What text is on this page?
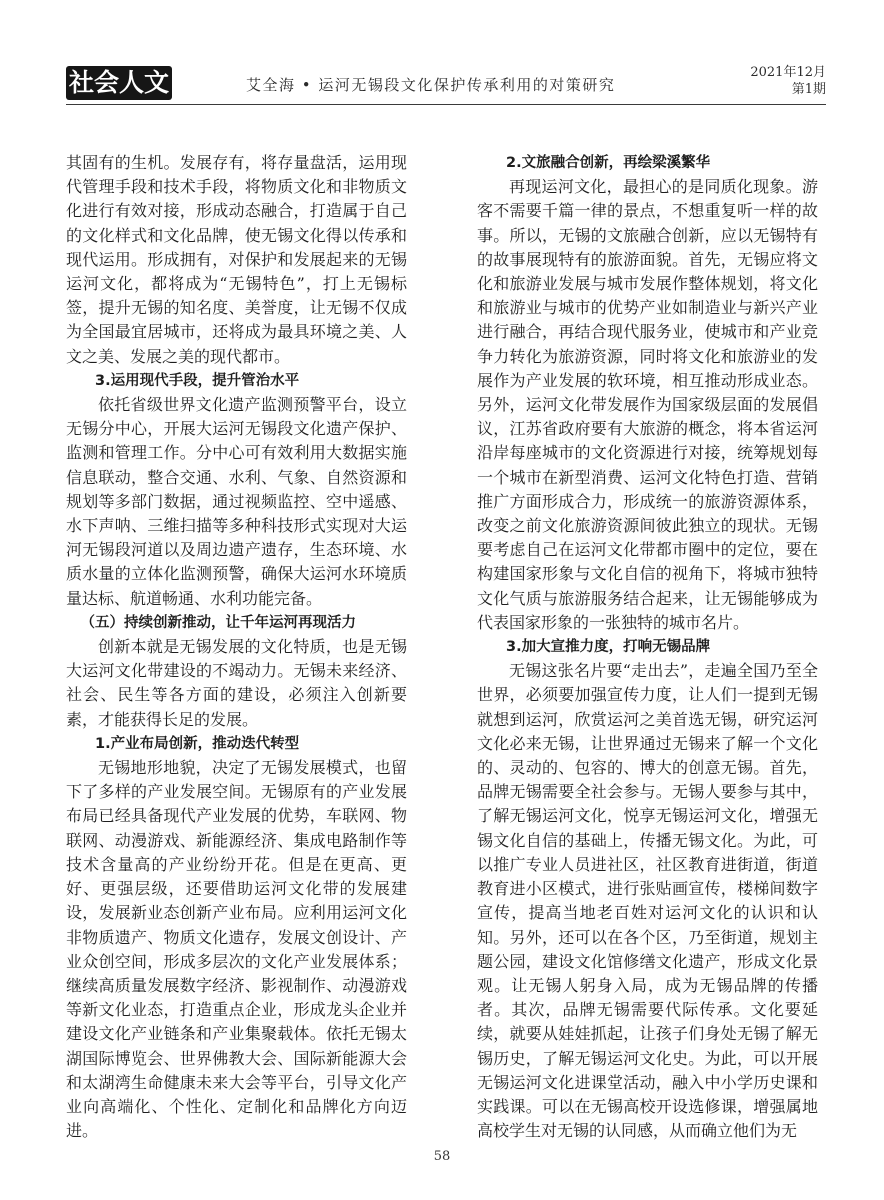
社会人文	艾全海 • 运河无锡段文化保护传承利用的对策研究
2021年12月
第1期

其固有的生机。发展存有，将存量盘活，运用现代管理手段和技术手段，将物质文化和非物质文化进行有效对接，形成动态融合，打造属于自己的文化样式和文化品牌，使无锡文化得以传承和现代运用。形成拥有，对保护和发展起来的无锡运河文化，都将成为“无锡特色”，打上无锡标签，提升无锡的知名度、美誉度，让无锡不仅成为全国最宜居城市，还将成为最具环境之美、人文之美、发展之美的现代都市。

3.运用现代手段，提升管治水平

依托省级世界文化遗产监测预警平台，设立无锡分中心，开展大运河无锡段文化遗产保护、监测和管理工作。分中心可有效利用大数据实施信息联动，整合交通、水利、气象、自然资源和规划等多部门数据，通过视频监控、空中遥感、水下声呐、三维扫描等多种科技形式实现对大运河无锡段河道以及周边遗产遗存，生态环境、水质水量的立体化监测预警，确保大运河水环境质量达标、航道畅通、水利功能完备。

（五）持续创新推动，让千年运河再现活力

创新本就是无锡发展的文化特质，也是无锡大运河文化带建设的不竭动力。无锡未来经济、社会、民生等各方面的建设，必须注入创新要素，才能获得长足的发展。

1.产业布局创新，推动迭代转型

无锡地形地貌，决定了无锡发展模式，也留下了多样的产业发展空间。无锡原有的产业发展布局已经具备现代产业发展的优势，车联网、物联网、动漫游戏、新能源经济、集成电路制作等技术含量高的产业纷纷开花。但是在更高、更好、更强层级，还要借助运河文化带的发展建设，发展新业态创新产业布局。应利用运河文化非物质遗产、物质文化遗存，发展文创设计、产业众创空间，形成多层次的文化产业发展体系；继续高质量发展数字经济、影视制作、动漫游戏等新文化业态，打造重点企业，形成龙头企业并建设文化产业链条和产业集聚载体。依托无锡太湖国际博览会、世界佛教大会、国际新能源大会和太湖湾生命健康未来大会等平台，引导文化产业向高端化、个性化、定制化和品牌化方向迈进。

2.文旅融合创新，再绘梁溪繁华

再现运河文化，最担心的是同质化现象。游客不需要千篇一律的景点，不想重复听一样的故事。所以，无锡的文旅融合创新，应以无锡特有的故事展现特有的旅游面貌。首先，无锡应将文化和旅游业发展与城市发展作整体规划，将文化和旅游业与城市的优势产业如制造业与新兴产业进行融合，再结合现代服务业，使城市和产业竞争力转化为旅游资源，同时将文化和旅游业的发展作为产业发展的软环境，相互推动形成业态。另外，运河文化带发展作为国家级层面的发展倡议，江苏省政府要有大旅游的概念，将本省运河沿岸每座城市的文化资源进行对接，统筹规划每一个城市在新型消费、运河文化特色打造、营销推广方面形成合力，形成统一的旅游资源体系，改变之前文化旅游资源间彼此独立的现状。无锡要考虑自己在运河文化带都市圈中的定位，要在构建国家形象与文化自信的视角下，将城市独特文化气质与旅游服务结合起来，让无锡能够成为代表国家形象的一张独特的城市名片。

3.加大宣推力度，打响无锡品牌

无锡这张名片要“走出去”，走遍全国乃至全世界，必须要加强宣传力度，让人们一提到无锡就想到运河，欣赏运河之美首选无锡，研究运河文化必来无锡，让世界通过无锡来了解一个文化的、灵动的、包容的、博大的创意无锡。首先，品牌无锡需要全社会参与。无锡人要参与其中，了解无锡运河文化，悦享无锡运河文化，增强无锡文化自信的基础上，传播无锡文化。为此，可以推广专业人员进社区，社区教育进街道，街道教育进小区模式，进行张贴画宣传，楼梯间数字宣传，提高当地老百姓对运河文化的认识和认知。另外，还可以在各个区，乃至街道，规划主题公园，建设文化馆修缮文化遗产，形成文化景观。让无锡人躬身入局，成为无锡品牌的传播者。其次，品牌无锡需要代际传承。文化要延续，就要从娃娃抓起，让孩子们身处无锡了解无锡历史，了解无锡运河文化史。为此，可以开展无锡运河文化进课堂活动，融入中小学历史课和实践课。可以在无锡高校开设选修课，增强属地高校学生对无锡的认同感，从而确立他们为无

58
